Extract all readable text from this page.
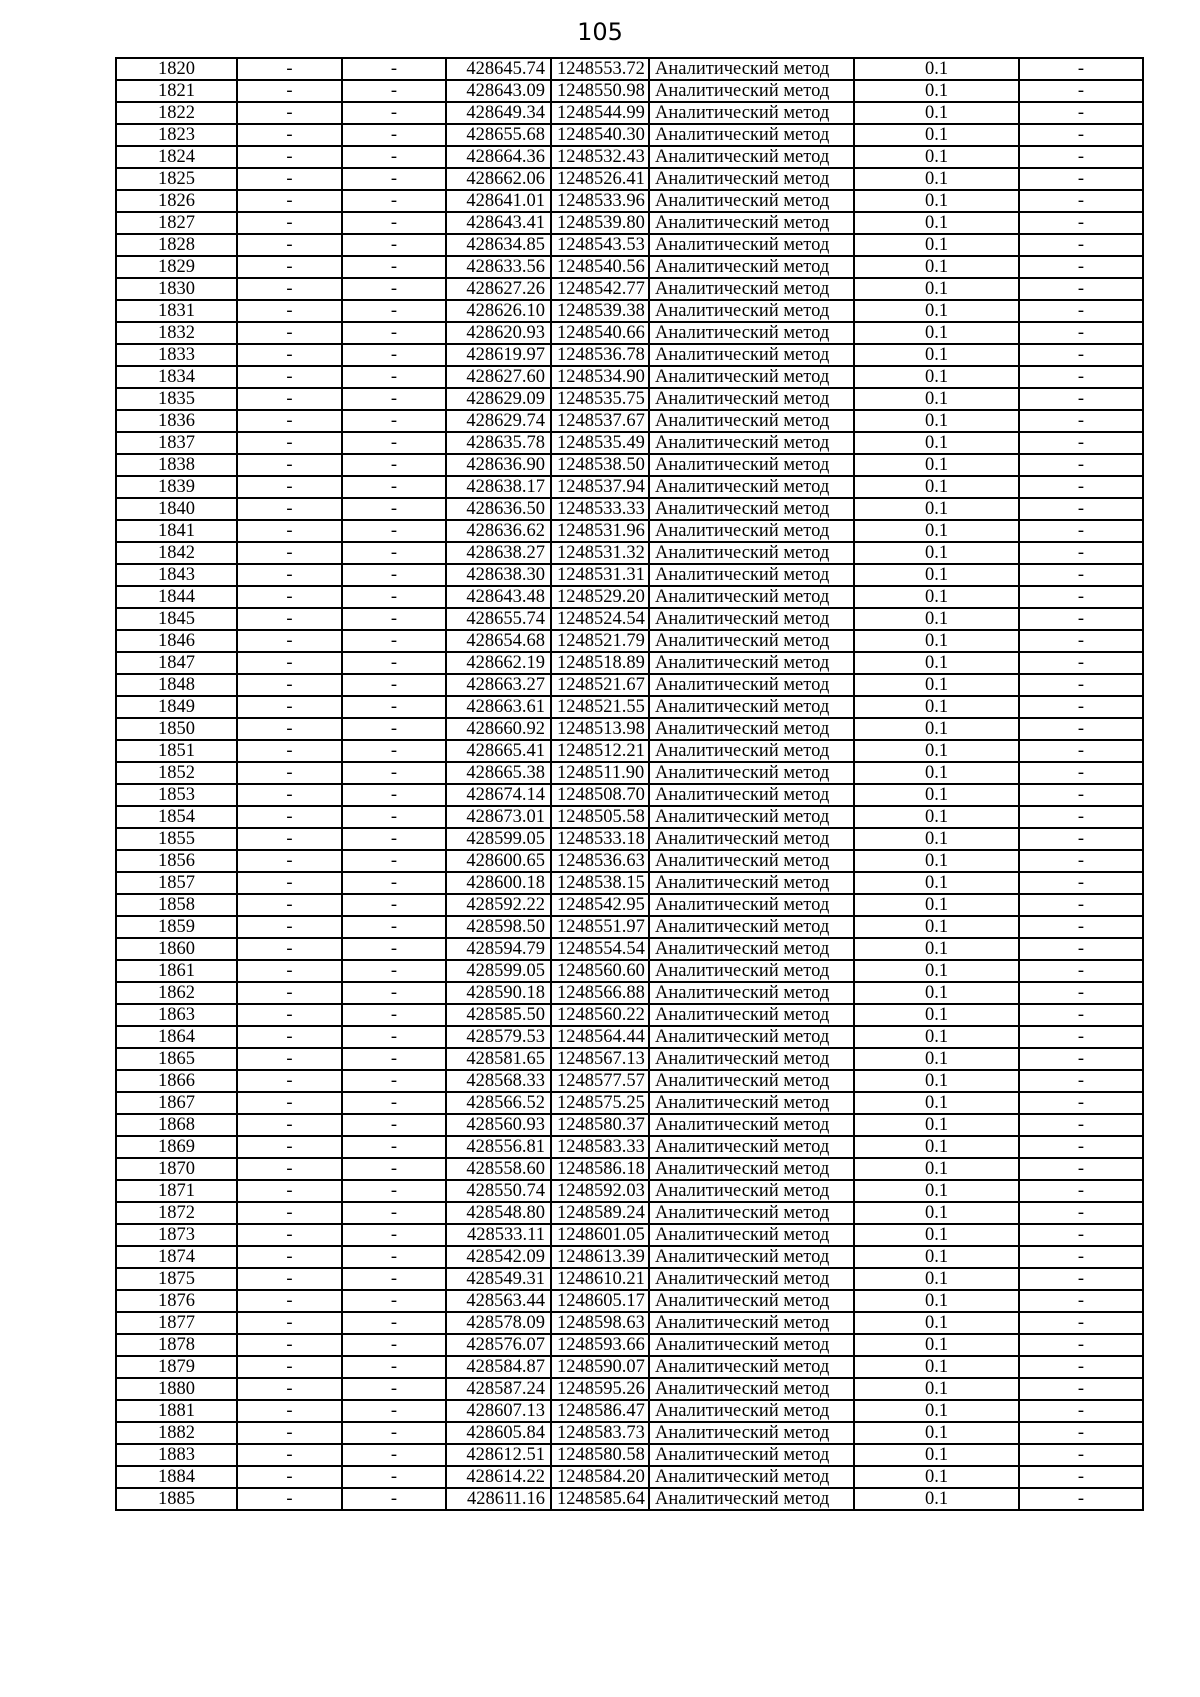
105
1820	-	-	428645.74	1248553.72	Аналитический метод	0.1	-
1821	-	-	428643.09	1248550.98	Аналитический метод	0.1	-
1822	-	-	428649.34	1248544.99	Аналитический метод	0.1	-
1823	-	-	428655.68	1248540.30	Аналитический метод	0.1	-
1824	-	-	428664.36	1248532.43	Аналитический метод	0.1	-
1825	-	-	428662.06	1248526.41	Аналитический метод	0.1	-
1826	-	-	428641.01	1248533.96	Аналитический метод	0.1	-
1827	-	-	428643.41	1248539.80	Аналитический метод	0.1	-
1828	-	-	428634.85	1248543.53	Аналитический метод	0.1	-
1829	-	-	428633.56	1248540.56	Аналитический метод	0.1	-
1830	-	-	428627.26	1248542.77	Аналитический метод	0.1	-
1831	-	-	428626.10	1248539.38	Аналитический метод	0.1	-
1832	-	-	428620.93	1248540.66	Аналитический метод	0.1	-
1833	-	-	428619.97	1248536.78	Аналитический метод	0.1	-
1834	-	-	428627.60	1248534.90	Аналитический метод	0.1	-
1835	-	-	428629.09	1248535.75	Аналитический метод	0.1	-
1836	-	-	428629.74	1248537.67	Аналитический метод	0.1	-
1837	-	-	428635.78	1248535.49	Аналитический метод	0.1	-
1838	-	-	428636.90	1248538.50	Аналитический метод	0.1	-
1839	-	-	428638.17	1248537.94	Аналитический метод	0.1	-
1840	-	-	428636.50	1248533.33	Аналитический метод	0.1	-
1841	-	-	428636.62	1248531.96	Аналитический метод	0.1	-
1842	-	-	428638.27	1248531.32	Аналитический метод	0.1	-
1843	-	-	428638.30	1248531.31	Аналитический метод	0.1	-
1844	-	-	428643.48	1248529.20	Аналитический метод	0.1	-
1845	-	-	428655.74	1248524.54	Аналитический метод	0.1	-
1846	-	-	428654.68	1248521.79	Аналитический метод	0.1	-
1847	-	-	428662.19	1248518.89	Аналитический метод	0.1	-
1848	-	-	428663.27	1248521.67	Аналитический метод	0.1	-
1849	-	-	428663.61	1248521.55	Аналитический метод	0.1	-
1850	-	-	428660.92	1248513.98	Аналитический метод	0.1	-
1851	-	-	428665.41	1248512.21	Аналитический метод	0.1	-
1852	-	-	428665.38	1248511.90	Аналитический метод	0.1	-
1853	-	-	428674.14	1248508.70	Аналитический метод	0.1	-
1854	-	-	428673.01	1248505.58	Аналитический метод	0.1	-
1855	-	-	428599.05	1248533.18	Аналитический метод	0.1	-
1856	-	-	428600.65	1248536.63	Аналитический метод	0.1	-
1857	-	-	428600.18	1248538.15	Аналитический метод	0.1	-
1858	-	-	428592.22	1248542.95	Аналитический метод	0.1	-
1859	-	-	428598.50	1248551.97	Аналитический метод	0.1	-
1860	-	-	428594.79	1248554.54	Аналитический метод	0.1	-
1861	-	-	428599.05	1248560.60	Аналитический метод	0.1	-
1862	-	-	428590.18	1248566.88	Аналитический метод	0.1	-
1863	-	-	428585.50	1248560.22	Аналитический метод	0.1	-
1864	-	-	428579.53	1248564.44	Аналитический метод	0.1	-
1865	-	-	428581.65	1248567.13	Аналитический метод	0.1	-
1866	-	-	428568.33	1248577.57	Аналитический метод	0.1	-
1867	-	-	428566.52	1248575.25	Аналитический метод	0.1	-
1868	-	-	428560.93	1248580.37	Аналитический метод	0.1	-
1869	-	-	428556.81	1248583.33	Аналитический метод	0.1	-
1870	-	-	428558.60	1248586.18	Аналитический метод	0.1	-
1871	-	-	428550.74	1248592.03	Аналитический метод	0.1	-
1872	-	-	428548.80	1248589.24	Аналитический метод	0.1	-
1873	-	-	428533.11	1248601.05	Аналитический метод	0.1	-
1874	-	-	428542.09	1248613.39	Аналитический метод	0.1	-
1875	-	-	428549.31	1248610.21	Аналитический метод	0.1	-
1876	-	-	428563.44	1248605.17	Аналитический метод	0.1	-
1877	-	-	428578.09	1248598.63	Аналитический метод	0.1	-
1878	-	-	428576.07	1248593.66	Аналитический метод	0.1	-
1879	-	-	428584.87	1248590.07	Аналитический метод	0.1	-
1880	-	-	428587.24	1248595.26	Аналитический метод	0.1	-
1881	-	-	428607.13	1248586.47	Аналитический метод	0.1	-
1882	-	-	428605.84	1248583.73	Аналитический метод	0.1	-
1883	-	-	428612.51	1248580.58	Аналитический метод	0.1	-
1884	-	-	428614.22	1248584.20	Аналитический метод	0.1	-
1885	-	-	428611.16	1248585.64	Аналитический метод	0.1	-
